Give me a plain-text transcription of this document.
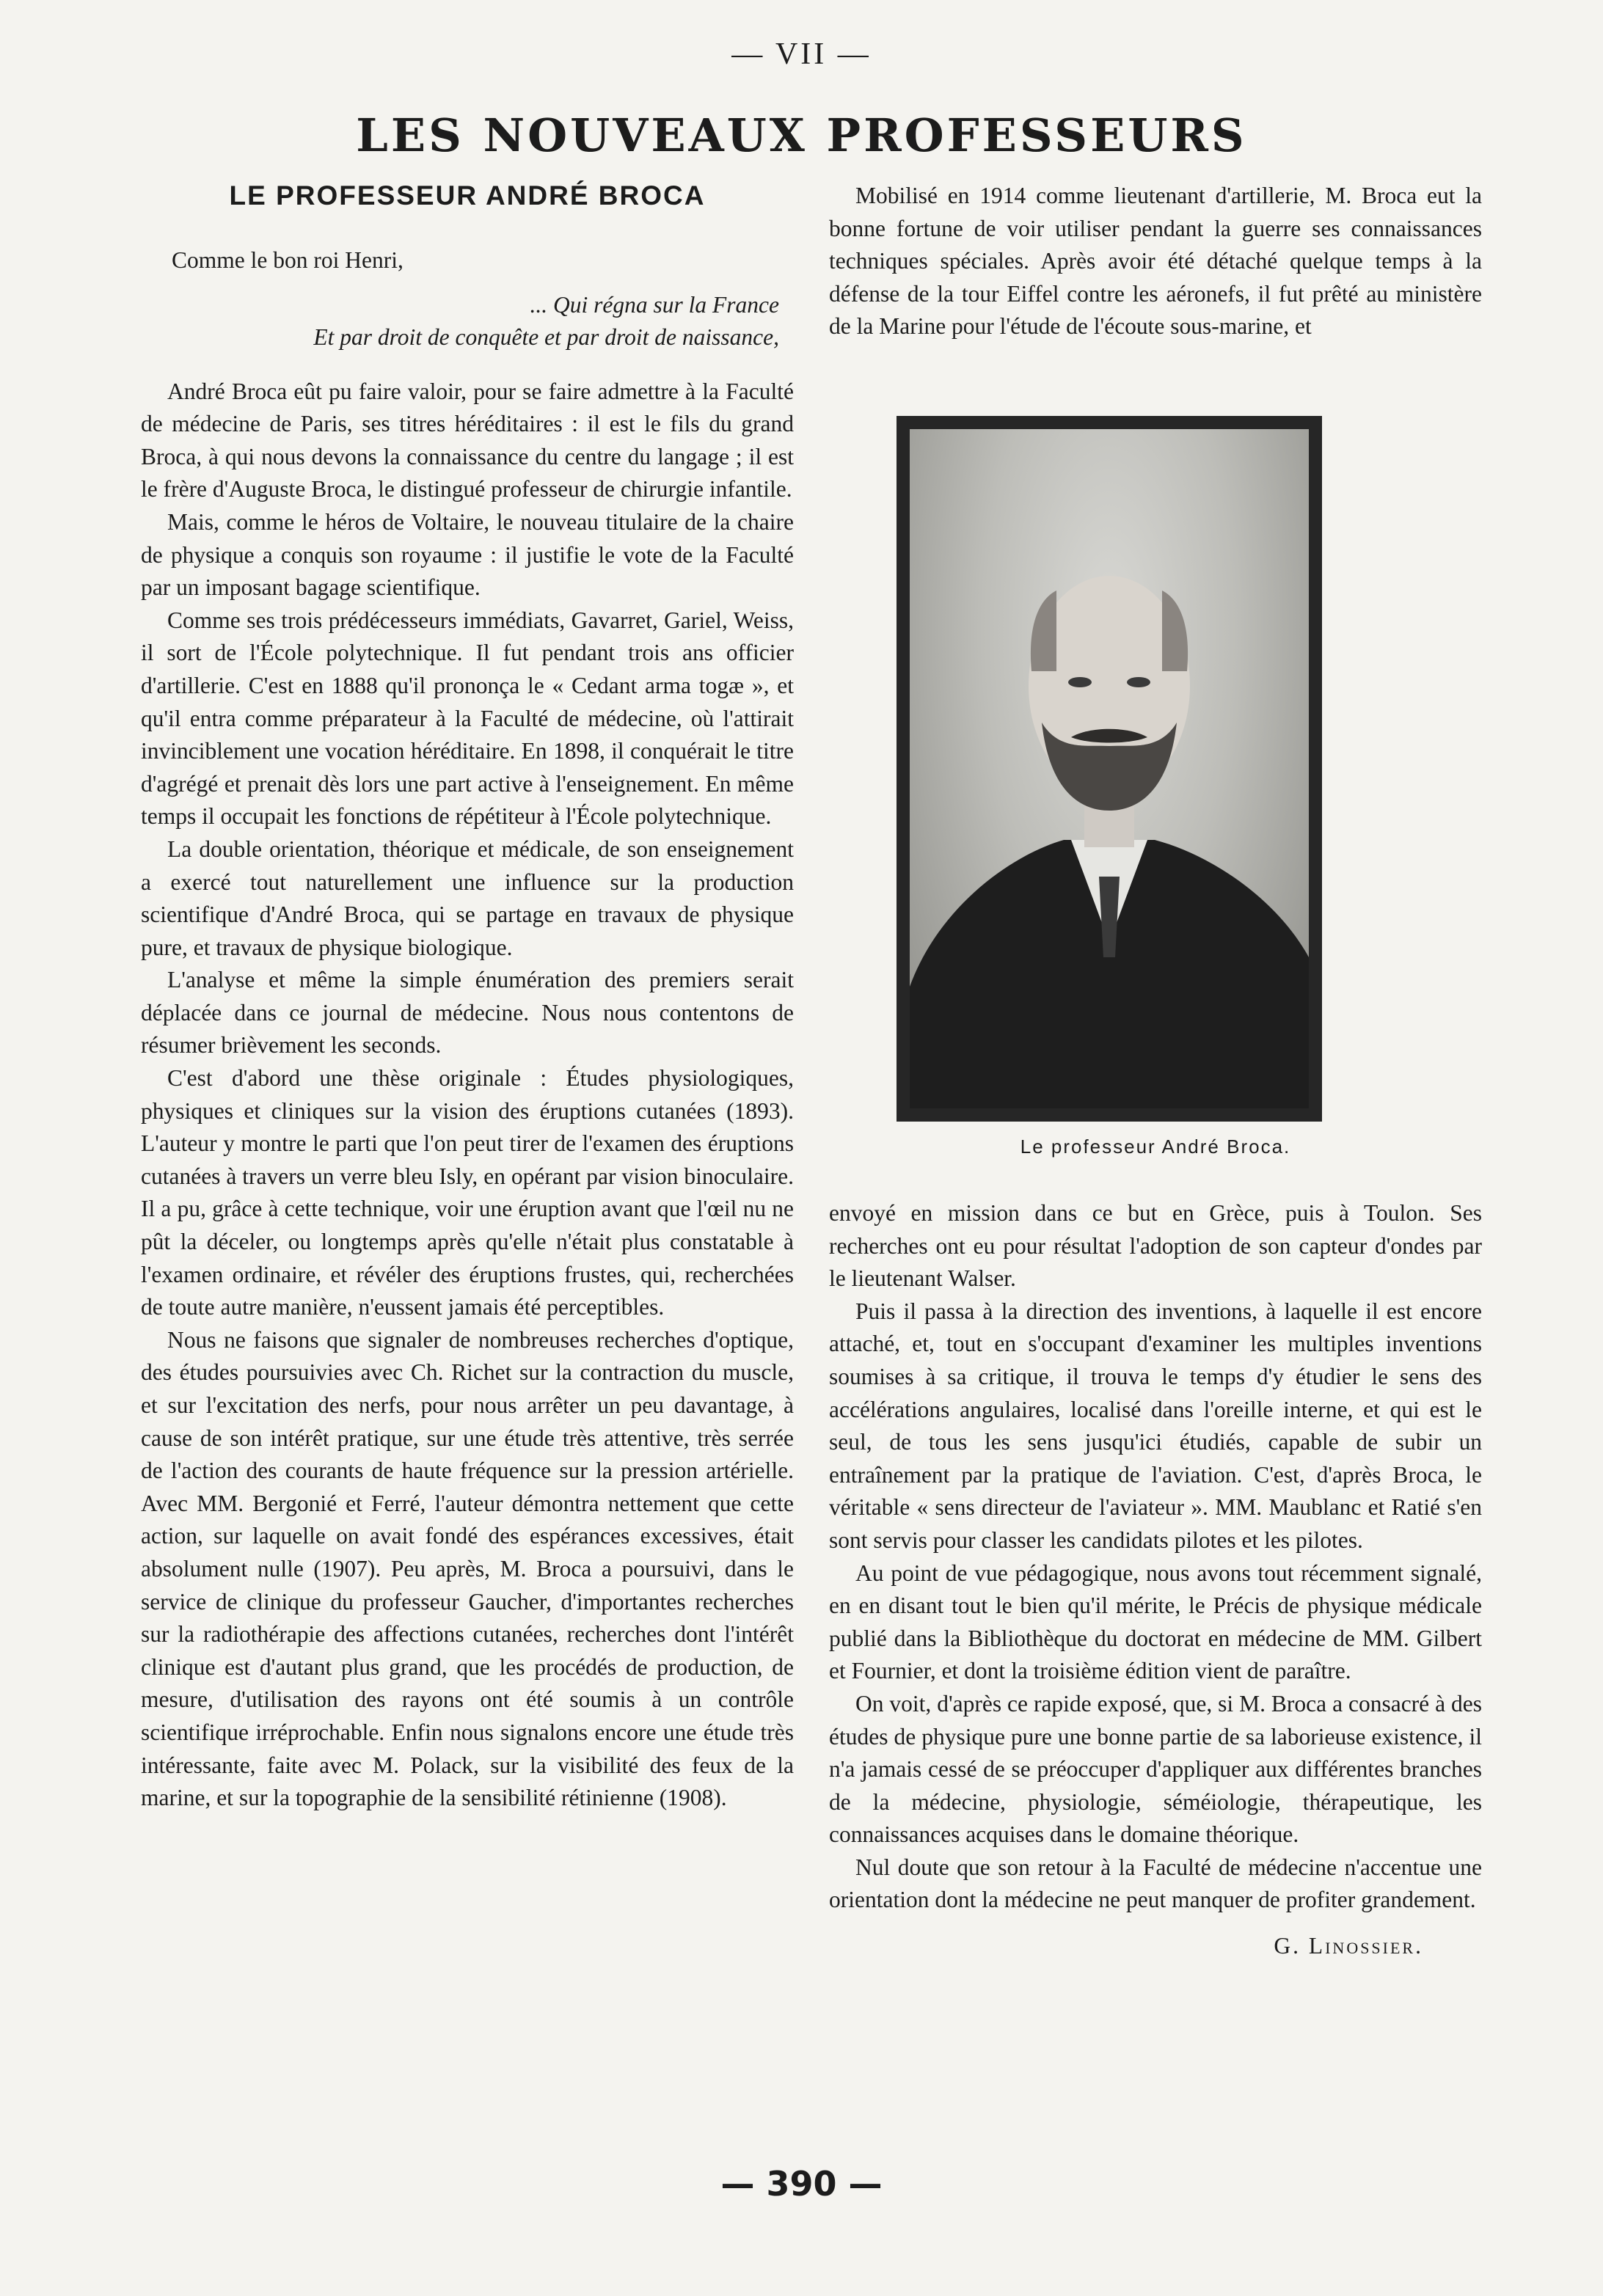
— VII —
LES NOUVEAUX PROFESSEURS
LE PROFESSEUR ANDRÉ BROCA
Comme le bon roi Henri,
... Qui régna sur la France
Et par droit de conquête et par droit de naissance,

André Broca eût pu faire valoir, pour se faire admettre à la Faculté de médecine de Paris, ses titres héréditaires : il est le fils du grand Broca, à qui nous devons la connaissance du centre du langage ; il est le frère d'Auguste Broca, le distingué professeur de chirurgie infantile.

Mais, comme le héros de Voltaire, le nouveau titulaire de la chaire de physique a conquis son royaume : il justifie le vote de la Faculté par un imposant bagage scientifique.

Comme ses trois prédécesseurs immédiats, Gavarret, Gariel, Weiss, il sort de l'École polytechnique. Il fut pendant trois ans officier d'artillerie. C'est en 1888 qu'il prononça le « Cedant arma togæ », et qu'il entra comme préparateur à la Faculté de médecine, où l'attirait invinciblement une vocation héréditaire. En 1898, il conquérait le titre d'agrégé et prenait dès lors une part active à l'enseignement. En même temps il occupait les fonctions de répétiteur à l'École polytechnique.

La double orientation, théorique et médicale, de son enseignement a exercé tout naturellement une influence sur la production scientifique d'André Broca, qui se partage en travaux de physique pure, et travaux de physique biologique.

L'analyse et même la simple énumération des premiers serait déplacée dans ce journal de médecine. Nous nous contentons de résumer brièvement les seconds.

C'est d'abord une thèse originale : Études physiologiques, physiques et cliniques sur la vision des éruptions cutanées (1893). L'auteur y montre le parti que l'on peut tirer de l'examen des éruptions cutanées à travers un verre bleu Isly, en opérant par vision binoculaire. Il a pu, grâce à cette technique, voir une éruption avant que l'œil nu ne pût la déceler, ou longtemps après qu'elle n'était plus constatable à l'examen ordinaire, et révéler des éruptions frustes, qui, recherchées de toute autre manière, n'eussent jamais été perceptibles.

Nous ne faisons que signaler de nombreuses recherches d'optique, des études poursuivies avec Ch. Richet sur la contraction du muscle, et sur l'excitation des nerfs, pour nous arrêter un peu davantage, à cause de son intérêt pratique, sur une étude très attentive, très serrée de l'action des courants de haute fréquence sur la pression artérielle. Avec MM. Bergonié et Ferré, l'auteur démontra nettement que cette action, sur laquelle on avait fondé des espérances excessives, était absolument nulle (1907). Peu après, M. Broca a poursuivi, dans le service de clinique du professeur Gaucher, d'importantes recherches sur la radiothérapie des affections cutanées, recherches dont l'intérêt clinique est d'autant plus grand, que les procédés de production, de mesure, d'utilisation des rayons ont été soumis à un contrôle scientifique irréprochable. Enfin nous signalons encore une étude très intéressante, faite avec M. Polack, sur la visibilité des feux de la marine, et sur la topographie de la sensibilité rétinienne (1908).

Mobilisé en 1914 comme lieutenant d'artillerie, M. Broca eut la bonne fortune de voir utiliser pendant la guerre ses connaissances techniques spéciales. Après avoir été détaché quelque temps à la défense de la tour Eiffel contre les aéronefs, il fut prêté au ministère de la Marine pour l'étude de l'écoute sous-marine, et

Le professeur André Broca.

envoyé en mission dans ce but en Grèce, puis à Toulon. Ses recherches ont eu pour résultat l'adoption de son capteur d'ondes par le lieutenant Walser.

Puis il passa à la direction des inventions, à laquelle il est encore attaché, et, tout en s'occupant d'examiner les multiples inventions soumises à sa critique, il trouva le temps d'y étudier le sens des accélérations angulaires, localisé dans l'oreille interne, et qui est le seul, de tous les sens jusqu'ici étudiés, capable de subir un entraînement par la pratique de l'aviation. C'est, d'après Broca, le véritable « sens directeur de l'aviateur ». MM. Maublanc et Ratié s'en sont servis pour classer les candidats pilotes et les pilotes.

Au point de vue pédagogique, nous avons tout récemment signalé, en en disant tout le bien qu'il mérite, le Précis de physique médicale publié dans la Bibliothèque du doctorat en médecine de MM. Gilbert et Fournier, et dont la troisième édition vient de paraître.

On voit, d'après ce rapide exposé, que, si M. Broca a consacré à des études de physique pure une bonne partie de sa laborieuse existence, il n'a jamais cessé de se préoccuper d'appliquer aux différentes branches de la médecine, physiologie, séméiologie, thérapeutique, les connaissances acquises dans le domaine théorique.

Nul doute que son retour à la Faculté de médecine n'accentue une orientation dont la médecine ne peut manquer de profiter grandement.

G. Linossier.
— 390 —
